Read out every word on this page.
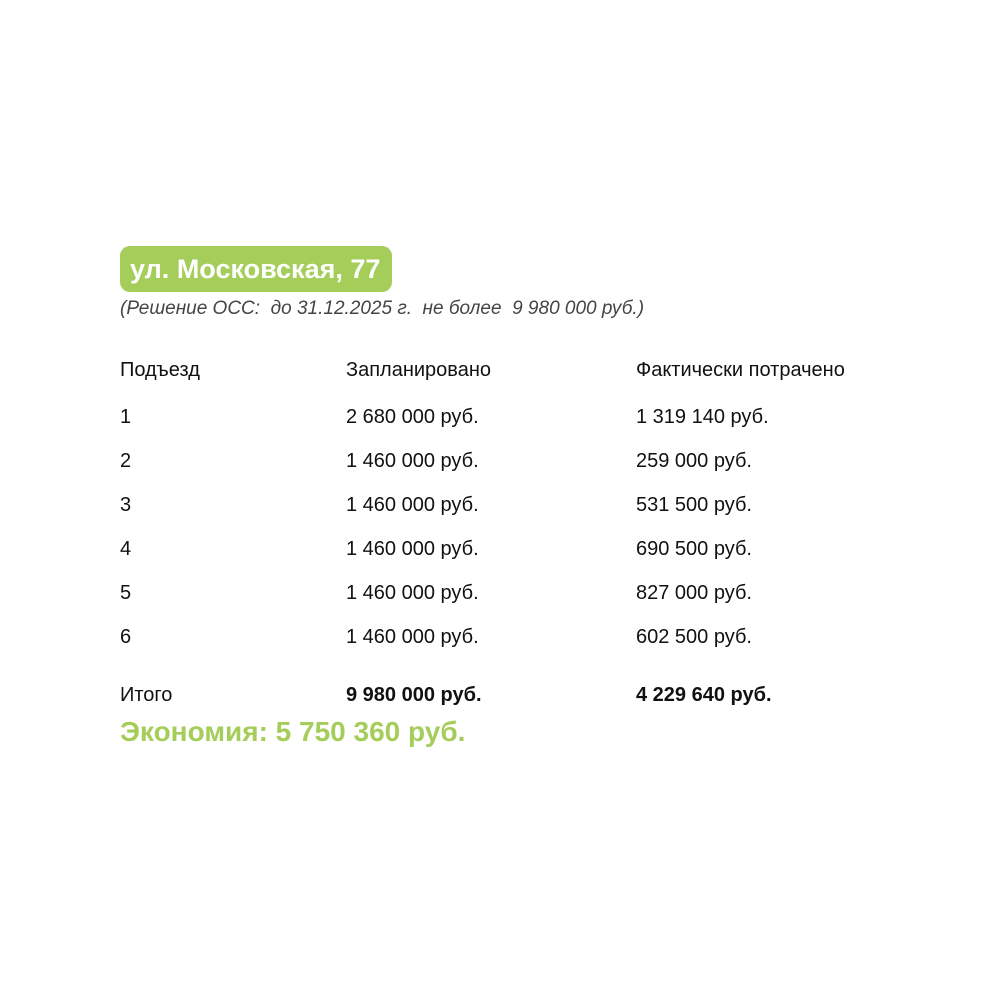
ул. Московская, 77
(Решение ОСС:  до 31.12.2025 г.  не более  9 980 000 руб.)
Подъезд	Запланировано	Фактически потрачено
1	2 680 000 руб.	1 319 140 руб.
2	1 460 000 руб.	259 000 руб.
3	1 460 000 руб.	531 500 руб.
4	1 460 000 руб.	690 500 руб.
5	1 460 000 руб.	827 000 руб.
6	1 460 000 руб.	602 500 руб.
Итого	9 980 000 руб.	4 229 640 руб.
Экономия: 5 750 360 руб.
